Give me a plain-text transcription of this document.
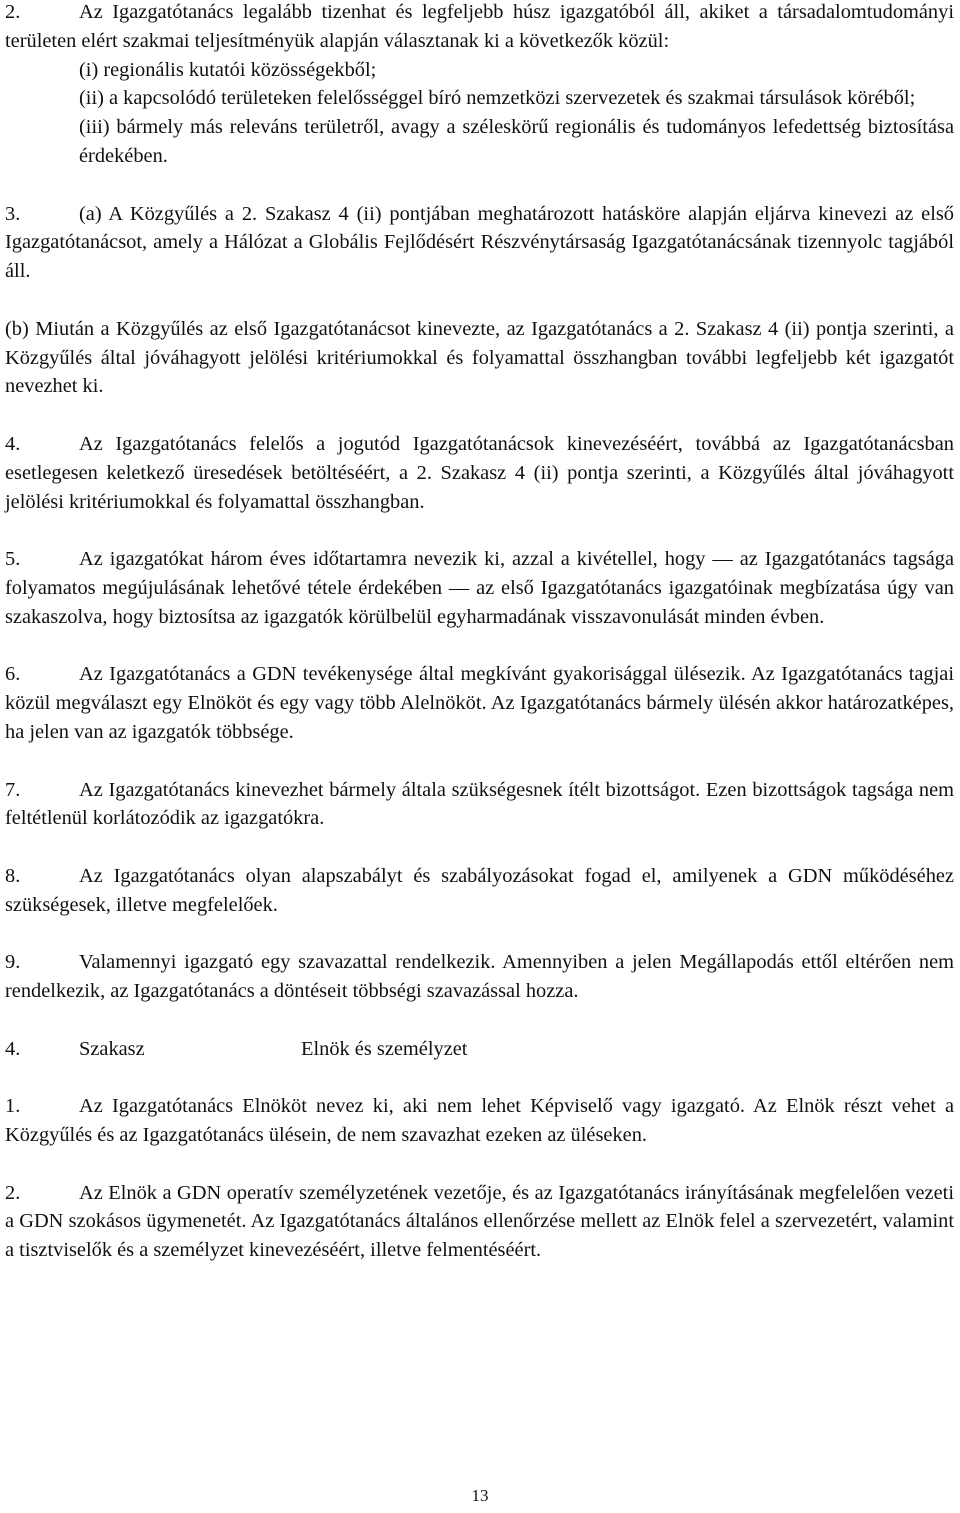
2.	Az Igazgatótanács legalább tizenhat és legfeljebb húsz igazgatóból áll, akiket a társadalomtudományi területen elért szakmai teljesítményük alapján választanak ki a következők közül:

(i) regionális kutatói közösségekből;

(ii) a kapcsolódó területeken felelősséggel bíró nemzetközi szervezetek és szakmai társulások köréből;

(iii) bármely más releváns területről, avagy a széleskörű regionális és tudományos lefedettség biztosítása érdekében.

3.	(a) A Közgyűlés a 2. Szakasz 4 (ii) pontjában meghatározott hatásköre alapján eljárva kinevezi az első Igazgatótanácsot, amely a Hálózat a Globális Fejlődésért Részvénytársaság Igazgatótanácsának tizennyolc tagjából áll.

(b) Miután a Közgyűlés az első Igazgatótanácsot kinevezte, az Igazgatótanács a 2. Szakasz 4 (ii) pontja szerinti, a Közgyűlés által jóváhagyott jelölési kritériumokkal és folyamattal összhangban további legfeljebb két igazgatót nevezhet ki.

4.	Az Igazgatótanács felelős a jogutód Igazgatótanácsok kinevezéséért, továbbá az Igazgatótanácsban esetlegesen keletkező üresedések betöltéséért, a 2. Szakasz 4 (ii) pontja szerinti, a Közgyűlés által jóváhagyott jelölési kritériumokkal és folyamattal összhangban.

5.	Az igazgatókat három éves időtartamra nevezik ki, azzal a kivétellel, hogy — az Igazgatótanács tagsága folyamatos megújulásának lehetővé tétele érdekében — az első Igazgatótanács igazgatóinak megbízatása úgy van szakaszolva, hogy biztosítsa az igazgatók körülbelül egyharmadának visszavonulását minden évben.

6.	Az Igazgatótanács a GDN tevékenysége által megkívánt gyakorisággal ülésezik. Az Igazgatótanács tagjai közül megválaszt egy Elnököt és egy vagy több Alelnököt. Az Igazgatótanács bármely ülésén akkor határozatképes, ha jelen van az igazgatók többsége.

7.	Az Igazgatótanács kinevezhet bármely általa szükségesnek ítélt bizottságot. Ezen bizottságok tagsága nem feltétlenül korlátozódik az igazgatókra.

8.	Az Igazgatótanács olyan alapszabályt és szabályozásokat fogad el, amilyenek a GDN működéséhez szükségesek, illetve megfelelőek.

9.	Valamennyi igazgató egy szavazattal rendelkezik. Amennyiben a jelen Megállapodás ettől eltérően nem rendelkezik, az Igazgatótanács a döntéseit többségi szavazással hozza.

4.	Szakasz	Elnök és személyzet

1.	Az Igazgatótanács Elnököt nevez ki, aki nem lehet Képviselő vagy igazgató. Az Elnök részt vehet a Közgyűlés és az Igazgatótanács ülésein, de nem szavazhat ezeken az üléseken.

2.	Az Elnök a GDN operatív személyzetének vezetője, és az Igazgatótanács irányításának megfelelően vezeti a GDN szokásos ügymenetét. Az Igazgatótanács általános ellenőrzése mellett az Elnök felel a szervezetért, valamint a tisztviselők és a személyzet kinevezéséért, illetve felmentéséért.

13
